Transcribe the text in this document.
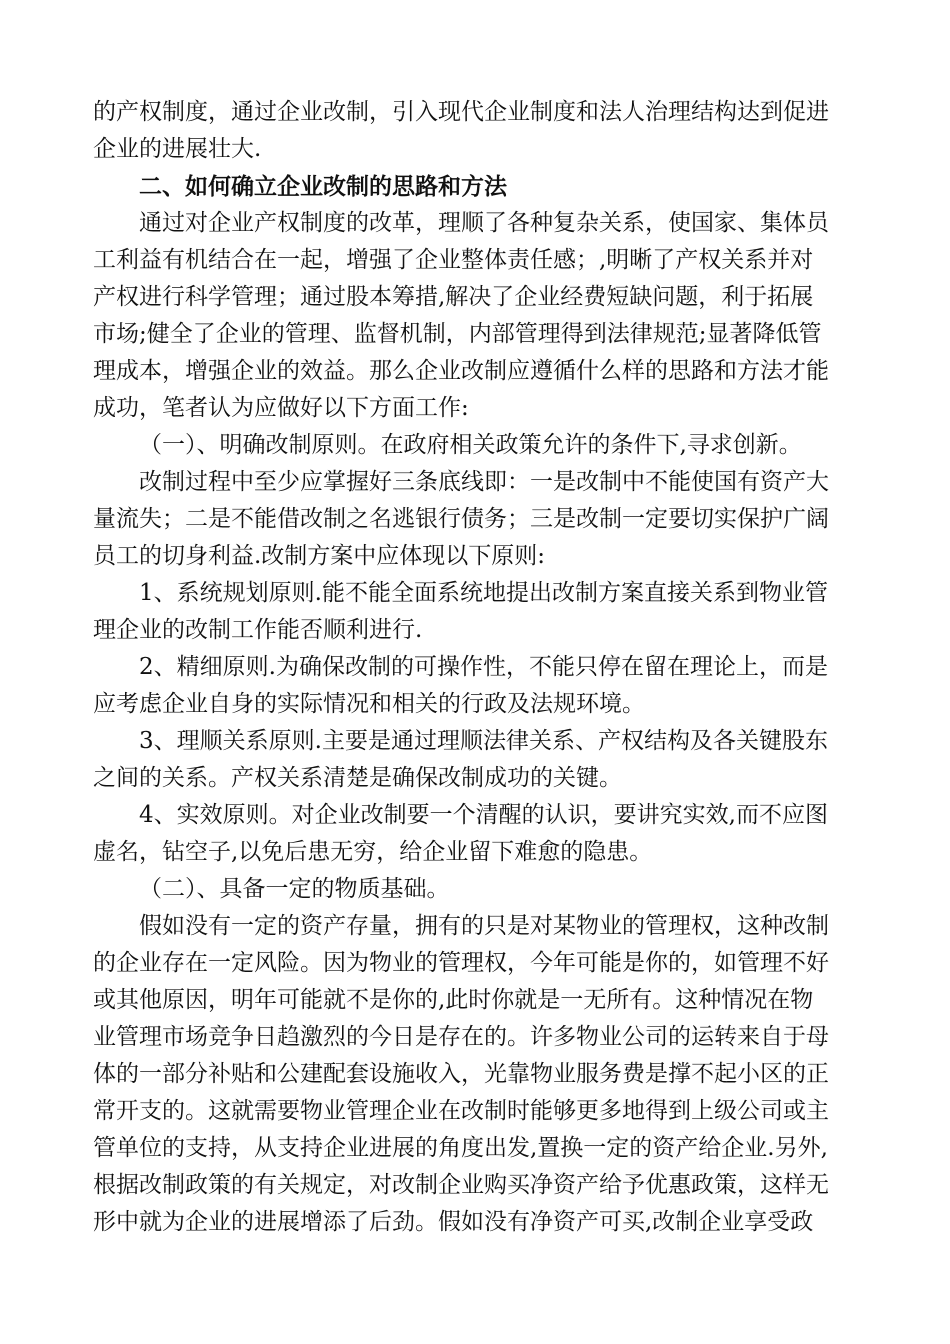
的产权制度，通过企业改制，引入现代企业制度和法人治理结构达到促进
企业的进展壮大.
二、如何确立企业改制的思路和方法
通过对企业产权制度的改革，理顺了各种复杂关系，使国家、集体员
工利益有机结合在一起，增强了企业整体责任感；,明晰了产权关系并对
产权进行科学管理；通过股本筹措,解决了企业经费短缺问题，利于拓展
市场;健全了企业的管理、监督机制，内部管理得到法律规范;显著降低管
理成本，增强企业的效益。那么企业改制应遵循什么样的思路和方法才能
成功，笔者认为应做好以下方面工作:
（一）、明确改制原则。在政府相关政策允许的条件下,寻求创新。
改制过程中至少应掌握好三条底线即：一是改制中不能使国有资产大
量流失；二是不能借改制之名逃银行债务；三是改制一定要切实保护广阔
员工的切身利益.改制方案中应体现以下原则:
1、系统规划原则.能不能全面系统地提出改制方案直接关系到物业管
理企业的改制工作能否顺利进行.
2、精细原则.为确保改制的可操作性，不能只停在留在理论上，而是
应考虑企业自身的实际情况和相关的行政及法规环境。
3、理顺关系原则.主要是通过理顺法律关系、产权结构及各关键股东
之间的关系。产权关系清楚是确保改制成功的关键。
4、实效原则。对企业改制要一个清醒的认识，要讲究实效,而不应图
虚名，钻空子,以免后患无穷，给企业留下难愈的隐患。
（二）、具备一定的物质基础。
假如没有一定的资产存量，拥有的只是对某物业的管理权，这种改制
的企业存在一定风险。因为物业的管理权，今年可能是你的，如管理不好
或其他原因，明年可能就不是你的,此时你就是一无所有。这种情况在物
业管理市场竞争日趋激烈的今日是存在的。许多物业公司的运转来自于母
体的一部分补贴和公建配套设施收入，光靠物业服务费是撑不起小区的正
常开支的。这就需要物业管理企业在改制时能够更多地得到上级公司或主
管单位的支持，从支持企业进展的角度出发,置换一定的资产给企业.另外,
根据改制政策的有关规定，对改制企业购买净资产给予优惠政策，这样无
形中就为企业的进展增添了后劲。假如没有净资产可买,改制企业享受政
